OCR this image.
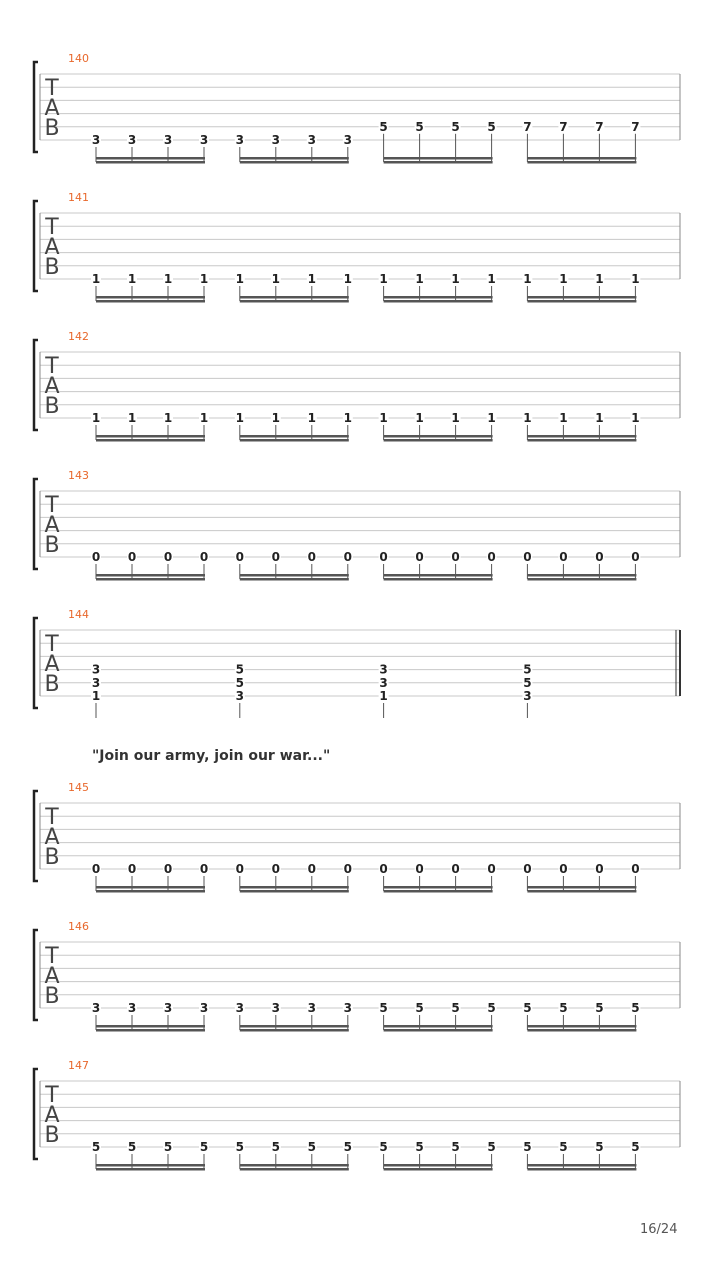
T
A
B
140
3 3 3 3 3 3 3 3
5 5 5 5 7 7 7 7
T
A
B
141
1 1 1 1 1 1 1 1 1 1 1 1 1 1 1 1
T
A
B
142
1 1 1 1 1 1 1 1 1 1 1 1 1 1 1 1
T
A
B
143
0 0 0 0 0 0 0 0 0 0 0 0 0 0 0 0
T
A
B
144
3
3
1
5
5
3
3
3
1
5
5
3
T
A
B
145
0 0 0 0 0 0 0 0 0 0 0 0 0 0 0 0
T
A
B
146
3 3 3 3 3 3 3 3 5 5 5 5 5 5 5 5
T
A
B
147
5 5 5 5 5 5 5 5 5 5 5 5 5 5 5 5
"Join our army, join our war..."
16/24
